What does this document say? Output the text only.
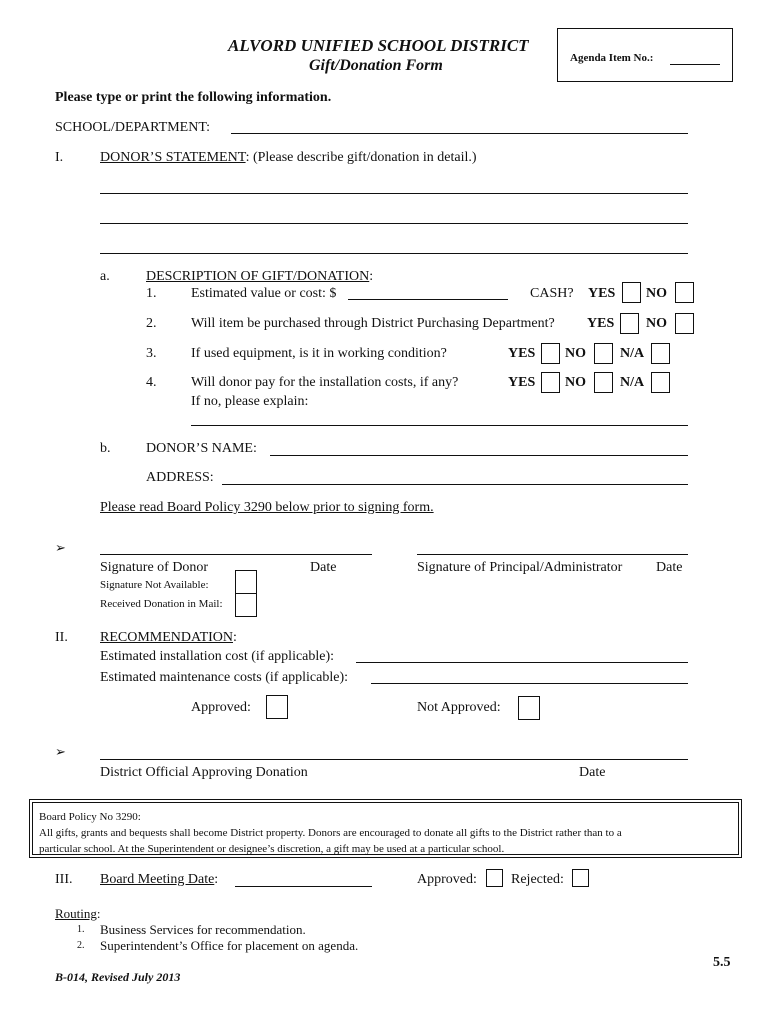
ALVORD UNIFIED SCHOOL DISTRICT
Gift/Donation Form	Agenda Item No.:
Please type or print the following information.
SCHOOL/DEPARTMENT:
I.	DONOR’S STATEMENT: (Please describe gift/donation in detail.)
a.	DESCRIPTION OF GIFT/DONATION:
1. Estimated value or cost: $	CASH? YES NO
2. Will item be purchased through District Purchasing Department? YES NO
3. If used equipment, is it in working condition?	YES NO N/A
4. Will donor pay for the installation costs, if any?	YES NO N/A
If no, please explain:
b.	DONOR’S NAME:
ADDRESS:
Please read Board Policy 3290 below prior to signing form.
➢
Signature of Donor	Date	Signature of Principal/Administrator Date
Signature Not Available:
Received Donation in Mail:
II. RECOMMENDATION:
Estimated installation cost (if applicable):
Estimated maintenance costs (if applicable):
Approved:	Not Approved:
➢
District Official Approving Donation	Date
Board Policy No 3290:
All gifts, grants and bequests shall become District property. Donors are encouraged to donate all gifts to the District rather than to a
particular school. At the Superintendent or designee’s discretion, a gift may be used at a particular school.
III. Board Meeting Date:	Approved: Rejected:
Routing:
1. Business Services for recommendation.
2. Superintendent’s Office for placement on agenda.
5.5
B-014, Revised July 2013
